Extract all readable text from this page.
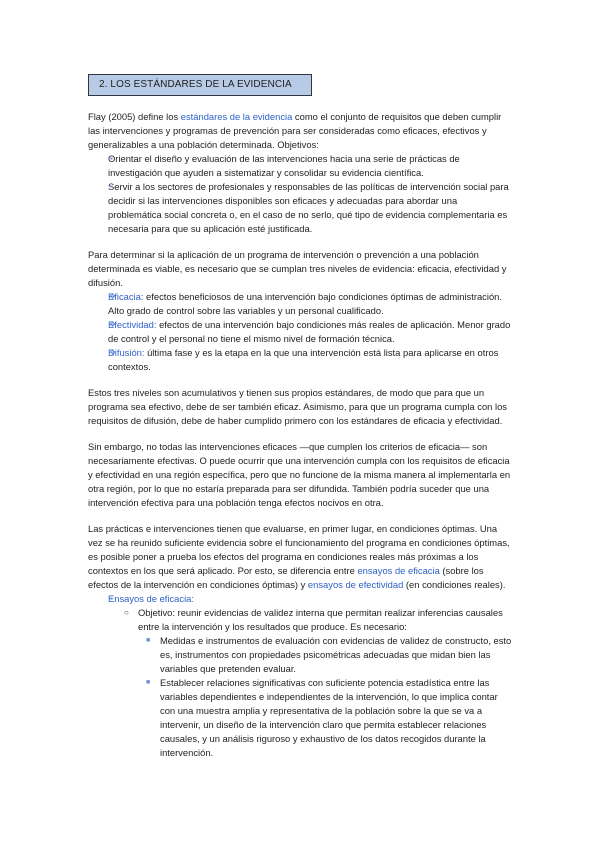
2. LOS ESTÁNDARES DE LA EVIDENCIA

Flay (2005) define los estándares de la evidencia como el conjunto de requisitos que deben cumplir las intervenciones y programas de prevención para ser consideradas como eficaces, efectivos y generalizables a una población determinada. Objetivos:

▪ Orientar el diseño y evaluación de las intervenciones hacia una serie de prácticas de investigación que ayuden a sistematizar y consolidar su evidencia científica.
▪ Servir a los sectores de profesionales y responsables de las políticas de intervención social para decidir si las intervenciones disponibles son eficaces y adecuadas para abordar una problemática social concreta o, en el caso de no serlo, qué tipo de evidencia complementaria es necesaria para que su aplicación esté justificada.

Para determinar si la aplicación de un programa de intervención o prevención a una población determinada es viable, es necesario que se cumplan tres niveles de evidencia: eficacia, efectividad y difusión.

❖ Eficacia: efectos beneficiosos de una intervención bajo condiciones óptimas de administración. Alto grado de control sobre las variables y un personal cualificado.
❖ Efectividad: efectos de una intervención bajo condiciones más reales de aplicación. Menor grado de control y el personal no tiene el mismo nivel de formación técnica.
❖ Difusión: última fase y es la etapa en la que una intervención está lista para aplicarse en otros contextos.

Estos tres niveles son acumulativos y tienen sus propios estándares, de modo que para que un programa sea efectivo, debe de ser también eficaz. Asimismo, para que un programa cumpla con los requisitos de difusión, debe de haber cumplido primero con los estándares de eficacia y efectividad.

Sin embargo, no todas las intervenciones eficaces —que cumplen los criterios de eficacia— son necesariamente efectivas. O puede ocurrir que una intervención cumpla con los requisitos de eficacia y efectividad en una región específica, pero que no funcione de la misma manera al implementarla en otra región, por lo que no estaría preparada para ser difundida. También podría suceder que una intervención efectiva para una población tenga efectos nocivos en otra.

Las prácticas e intervenciones tienen que evaluarse, en primer lugar, en condiciones óptimas. Una vez se ha reunido suficiente evidencia sobre el funcionamiento del programa en condiciones óptimas, es posible poner a prueba los efectos del programa en condiciones reales más próximas a los contextos en los que será aplicado. Por esto, se diferencia entre ensayos de eficacia (sobre los efectos de la intervención en condiciones óptimas) y ensayos de efectividad (en condiciones reales).

▪ Ensayos de eficacia:
○ Objetivo: reunir evidencias de validez interna que permitan realizar inferencias causales entre la intervención y los resultados que produce. Es necesario:
■ Medidas e instrumentos de evaluación con evidencias de validez de constructo, esto es, instrumentos con propiedades psicométricas adecuadas que midan bien las variables que pretenden evaluar.
■ Establecer relaciones significativas con suficiente potencia estadística entre las variables dependientes e independientes de la intervención, lo que implica contar con una muestra amplia y representativa de la población sobre la que se va a intervenir, un diseño de la intervención claro que permita establecer relaciones causales, y un análisis riguroso y exhaustivo de los datos recogidos durante la intervención.
